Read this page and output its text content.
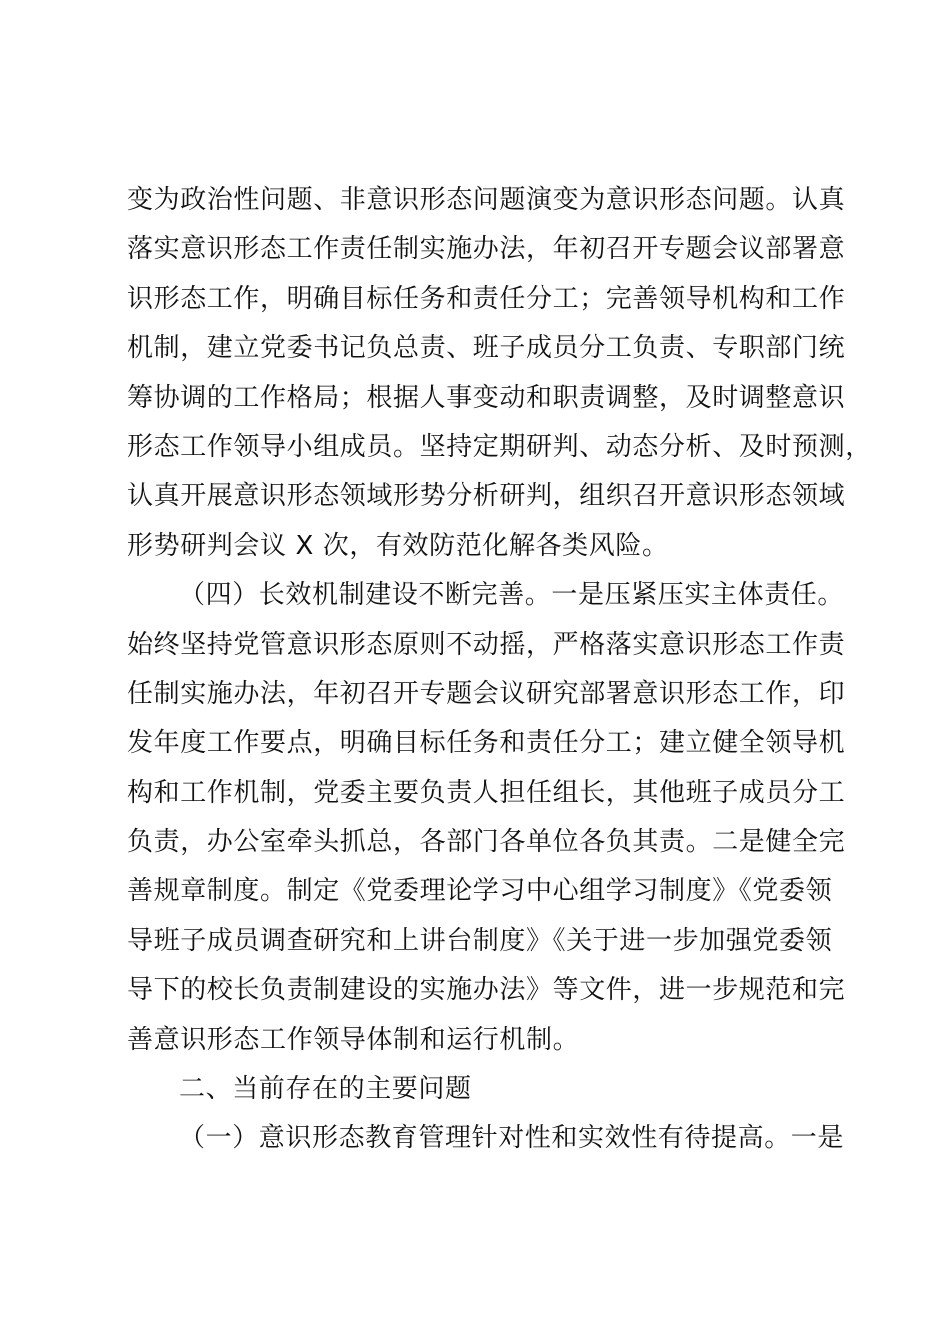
变为政治性问题、非意识形态问题演变为意识形态问题。认真
落实意识形态工作责任制实施办法，年初召开专题会议部署意
识形态工作，明确目标任务和责任分工；完善领导机构和工作
机制，建立党委书记负总责、班子成员分工负责、专职部门统
筹协调的工作格局；根据人事变动和职责调整，及时调整意识
形态工作领导小组成员。坚持定期研判、动态分析、及时预测，
认真开展意识形态领域形势分析研判，组织召开意识形态领域
形势研判会议 X 次，有效防范化解各类风险。
（四）长效机制建设不断完善。一是压紧压实主体责任。
始终坚持党管意识形态原则不动摇，严格落实意识形态工作责
任制实施办法，年初召开专题会议研究部署意识形态工作，印
发年度工作要点，明确目标任务和责任分工；建立健全领导机
构和工作机制，党委主要负责人担任组长，其他班子成员分工
负责，办公室牵头抓总，各部门各单位各负其责。二是健全完
善规章制度。制定《党委理论学习中心组学习制度》《党委领
导班子成员调查研究和上讲台制度》《关于进一步加强党委领
导下的校长负责制建设的实施办法》等文件，进一步规范和完
善意识形态工作领导体制和运行机制。
二、当前存在的主要问题
（一）意识形态教育管理针对性和实效性有待提高。一是
